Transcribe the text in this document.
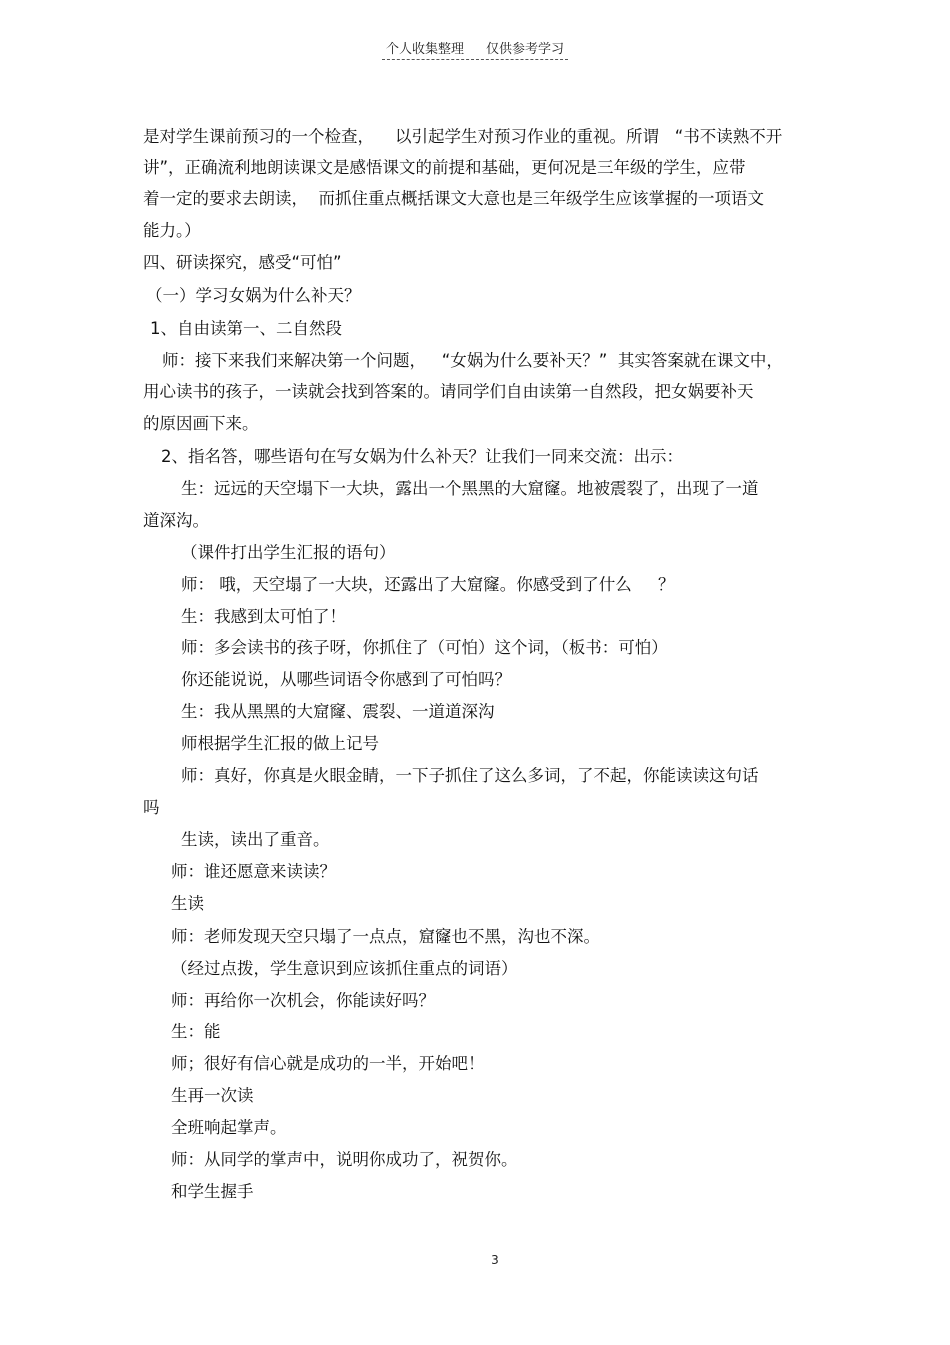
个人收集整理 仅供参考学习
是对学生课前预习的一个检查，    以引起学生对预习作业的重视。所谓   “书不读熟不开
讲”，正确流利地朗读课文是感悟课文的前提和基础，更何况是三年级的学生，应带
着一定的要求去朗读，  而抓住重点概括课文大意也是三年级学生应该掌握的一项语文
能力。）
四、研读探究，感受“可怕”
（一）学习女娲为什么补天？
1、自由读第一、二自然段
师：接下来我们来解决第一个问题，   “女娲为什么要补天？”  其实答案就在课文中，
用心读书的孩子，一读就会找到答案的。请同学们自由读第一自然段，把女娲要补天
的原因画下来。
2、指名答，哪些语句在写女娲为什么补天？让我们一同来交流：出示：
生：远远的天空塌下一大块，露出一个黑黑的大窟窿。地被震裂了，出现了一道
道深沟。
（课件打出学生汇报的语句）
师： 哦，天空塌了一大块，还露出了大窟窿。你感受到了什么     ？
生：我感到太可怕了！
师：多会读书的孩子呀，你抓住了（可怕）这个词，（板书：可怕）
你还能说说，从哪些词语令你感到了可怕吗？
生：我从黑黑的大窟窿、震裂、一道道深沟
师根据学生汇报的做上记号
师：真好，你真是火眼金睛，一下子抓住了这么多词，了不起，你能读读这句话
吗
生读，读出了重音。
师：谁还愿意来读读？
生读
师：老师发现天空只塌了一点点，窟窿也不黑，沟也不深。
（经过点拨，学生意识到应该抓住重点的词语）
师：再给你一次机会，你能读好吗？
生：能
师；很好有信心就是成功的一半，开始吧！
生再一次读
全班响起掌声。
师：从同学的掌声中，说明你成功了，祝贺你。
和学生握手
3
